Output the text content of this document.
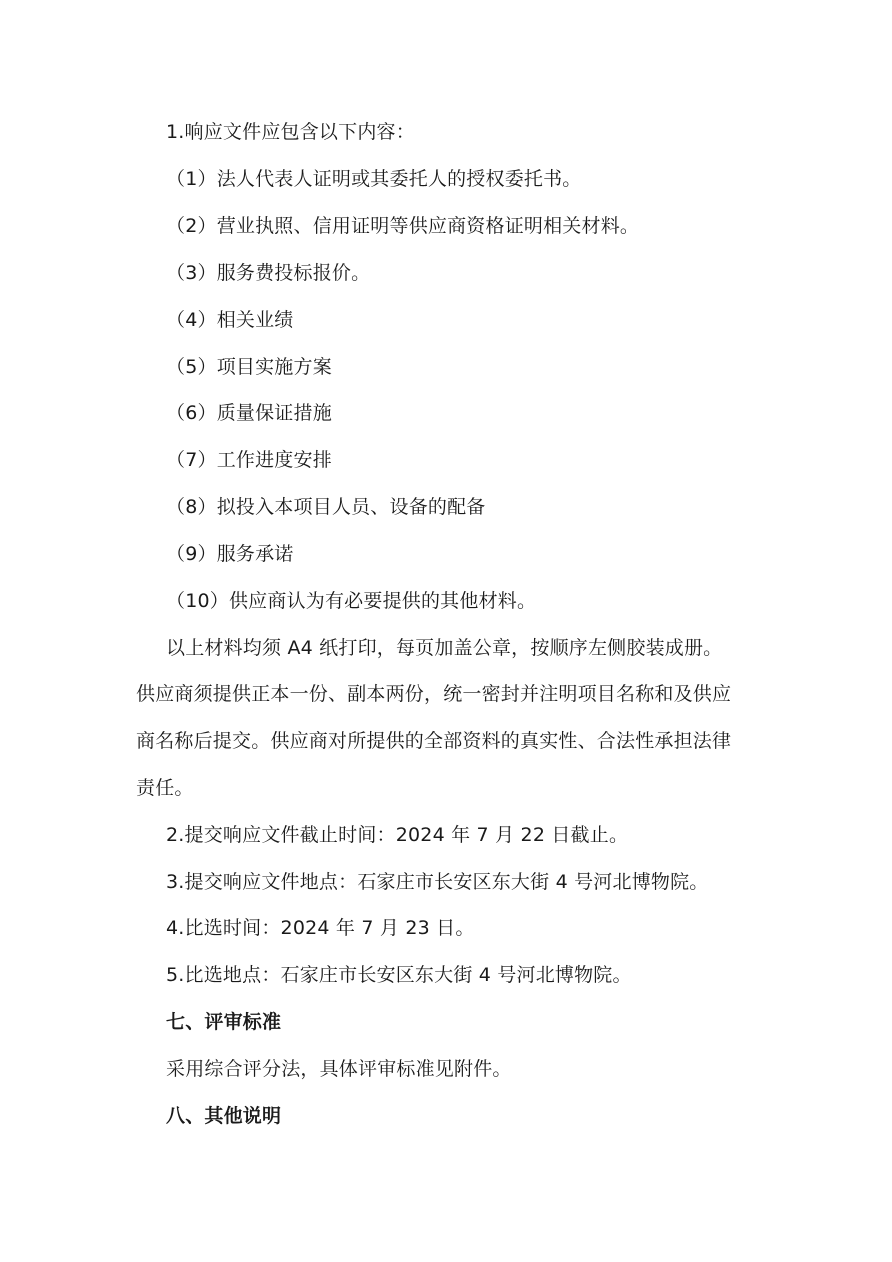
1.响应文件应包含以下内容：
（1）法人代表人证明或其委托人的授权委托书。
（2）营业执照、信用证明等供应商资格证明相关材料。
（3）服务费投标报价。
（4）相关业绩
（5）项目实施方案
（6）质量保证措施
（7）工作进度安排
（8）拟投入本项目人员、设备的配备
（9）服务承诺
（10）供应商认为有必要提供的其他材料。
以上材料均须 A4 纸打印，每页加盖公章，按顺序左侧胶装成册。
供应商须提供正本一份、副本两份，统一密封并注明项目名称和及供应
商名称后提交。供应商对所提供的全部资料的真实性、合法性承担法律
责任。
2.提交响应文件截止时间：2024 年 7 月 22 日截止。
3.提交响应文件地点：石家庄市长安区东大街 4 号河北博物院。
4.比选时间：2024 年 7 月 23 日。
5.比选地点：石家庄市长安区东大街 4 号河北博物院。
七、评审标准
采用综合评分法，具体评审标准见附件。
八、其他说明
